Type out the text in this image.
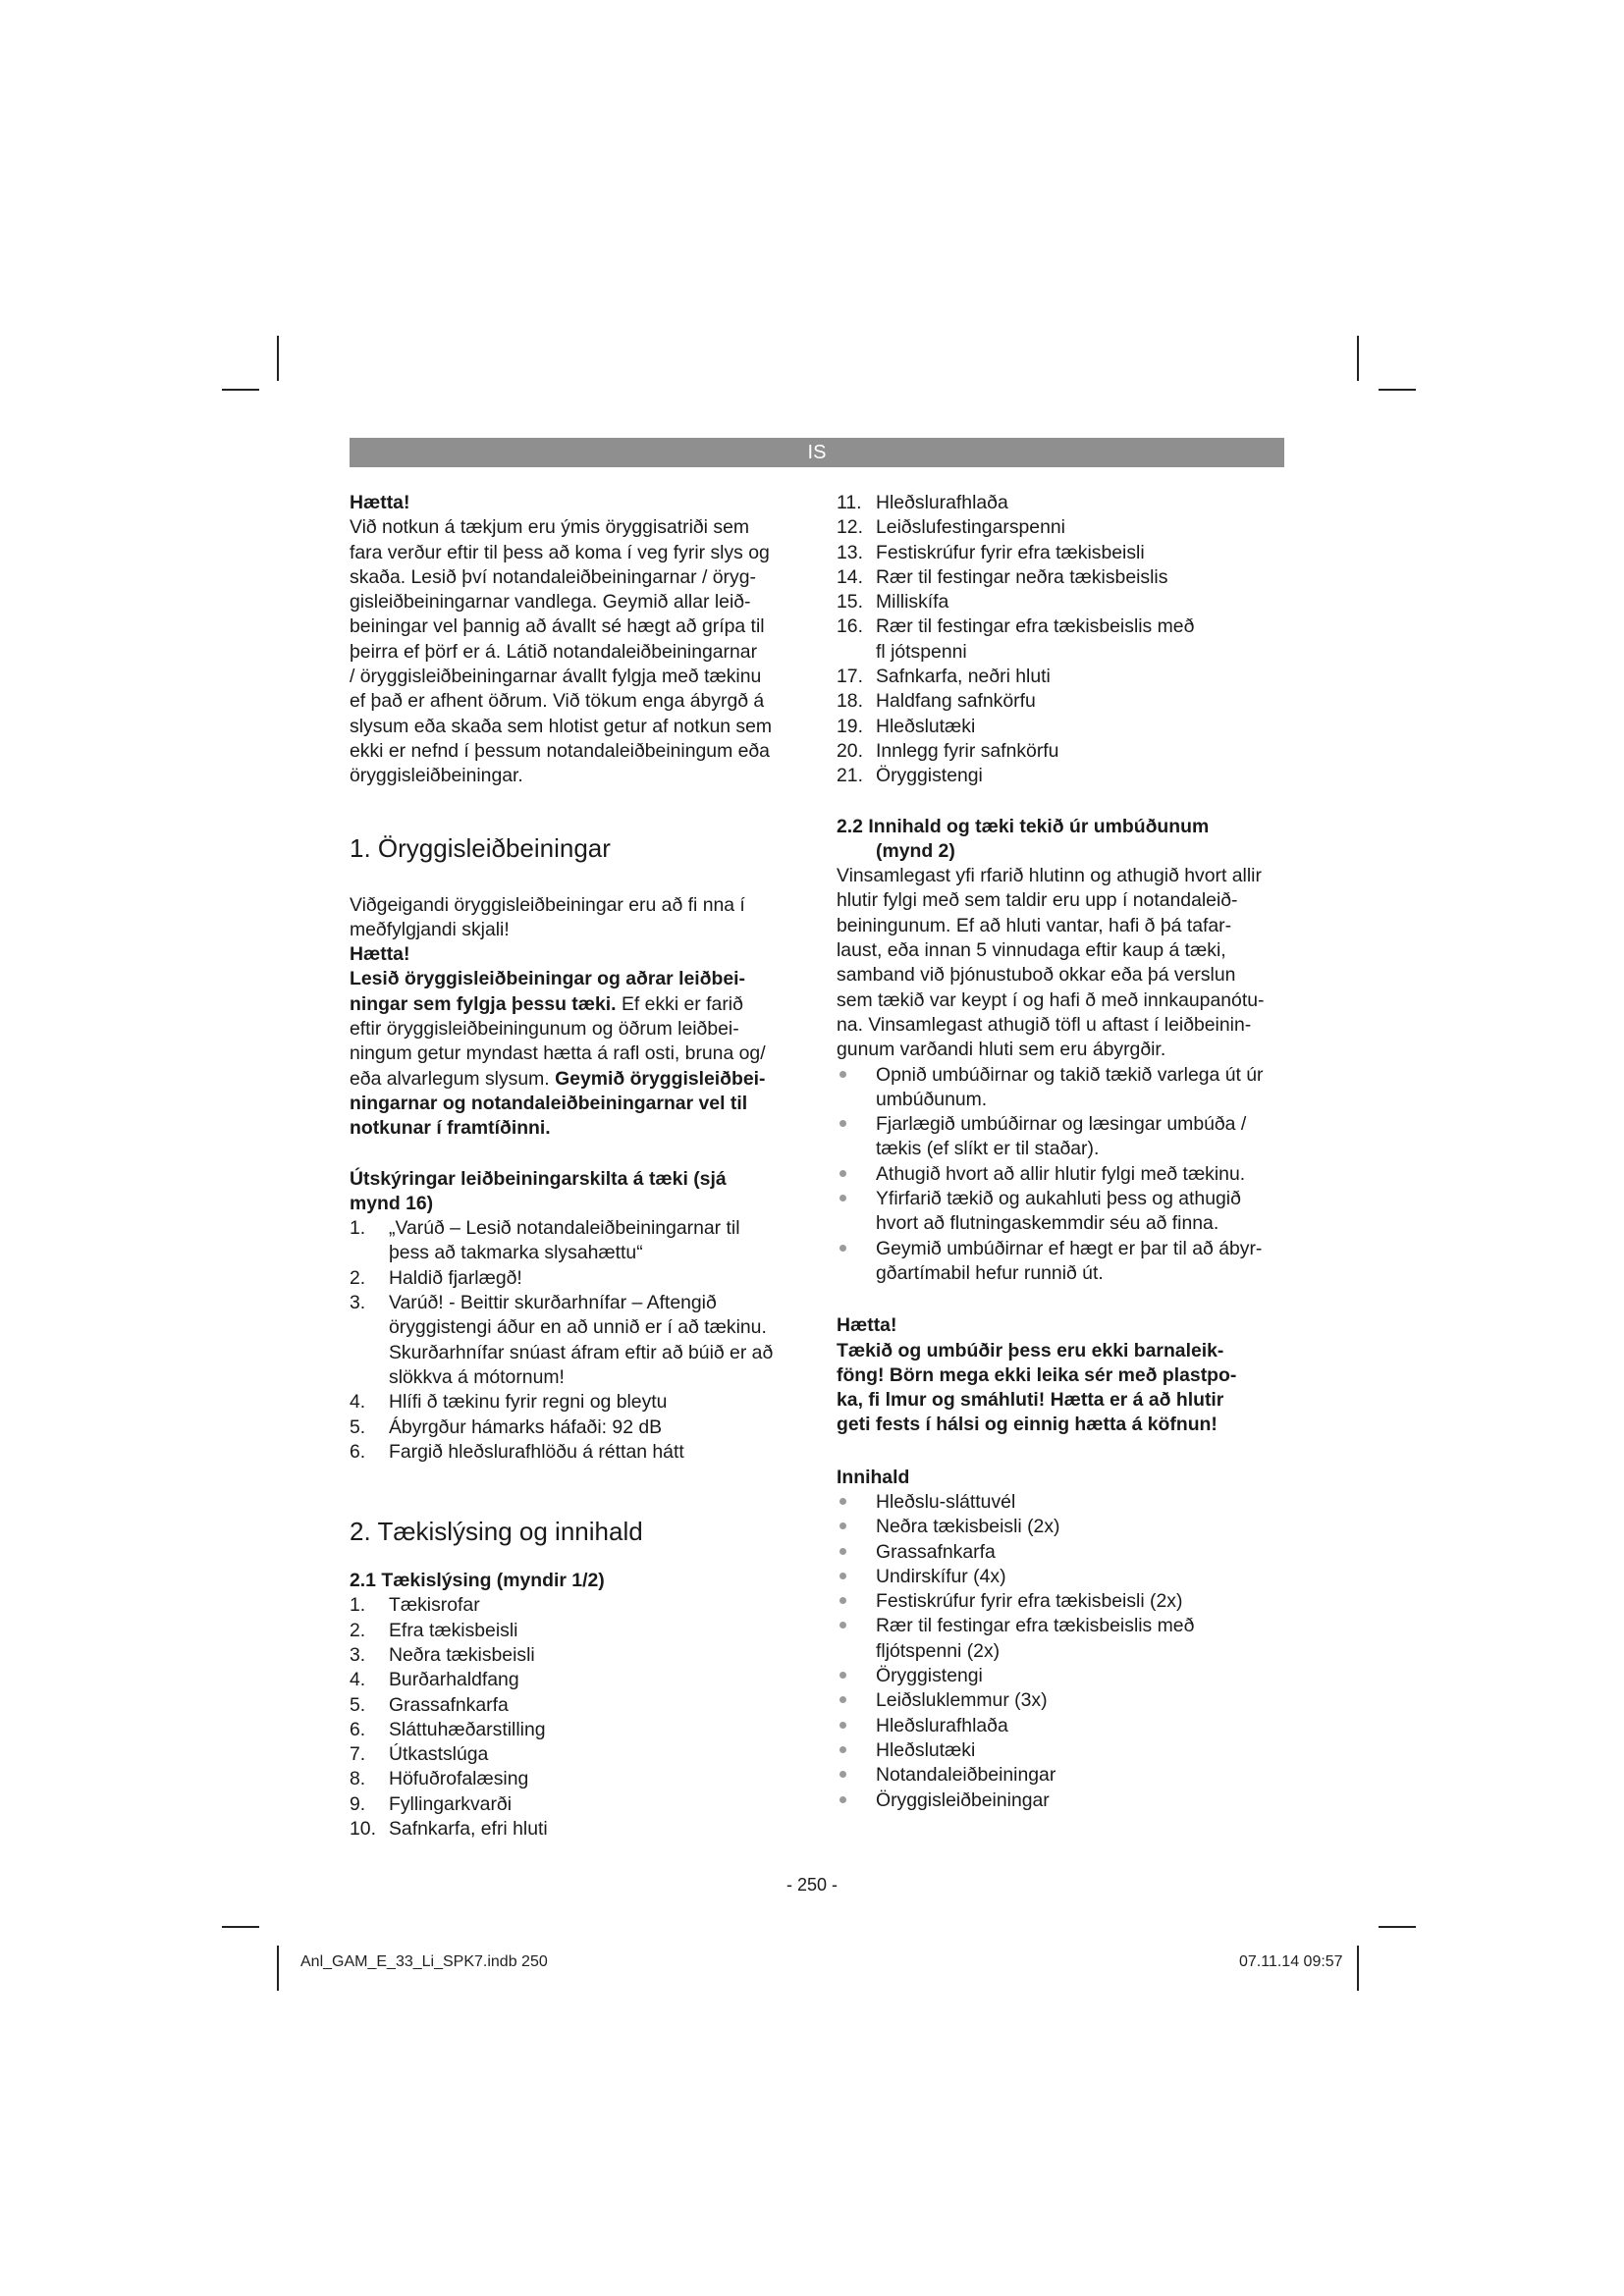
IS

Hætta!

Við notkun á tækjum eru ýmis öryggisatriði sem

fara verður eftir til þess að koma í veg fyrir slys og

skaða. Lesið því notandaleiðbeiningarnar / öryg-

gisleiðbeiningarnar vandlega. Geymið allar leið-

beiningar vel þannig að ávallt sé hægt að grípa til

þeirra ef þörf er á. Látið notandaleiðbeiningarnar

/ öryggisleiðbeiningarnar ávallt fylgja með tækinu

ef það er afhent öðrum. Við tökum enga ábyrgð á

slysum eða skaða sem hlotist getur af notkun sem

ekki er nefnd í þessum notandaleiðbeiningum eða

öryggisleiðbeiningar.

1. Öryggisleiðbeiningar

Viðgeigandi öryggisleiðbeiningar eru að fi nna í

meðfylgjandi skjali!

Hætta!

Lesið öryggisleiðbeiningar og aðrar leiðbei-

ningar sem fylgja þessu tæki. Ef ekki er farið

eftir öryggisleiðbeiningunum og öðrum leiðbei-

ningum getur myndast hætta á rafl osti, bruna og/

eða alvarlegum slysum. Geymið öryggisleiðbei-

ningarnar og notandaleiðbeiningarnar vel til

notkunar í framtíðinni.

Útskýringar leiðbeiningarskilta á tæki (sjá

mynd 16)

1. „Varúð – Lesið notandaleiðbeiningarnar til
þess að takmarka slysahættu“
2. Haldið fjarlægð!
3. Varúð! - Beittir skurðarhnífar – Aftengið
öryggistengi áður en að unnið er í að tækinu.
Skurðarhnífar snúast áfram eftir að búið er að
slökkva á mótornum!
4. Hlífi ð tækinu fyrir regni og bleytu
5. Ábyrgður hámarks háfaði: 92 dB
6. Fargið hleðslurafhlöðu á réttan hátt

2. Tækislýsing og innihald

2.1 Tækislýsing (myndir 1/2)

1. Tækisrofar
2. Efra tækisbeisli
3. Neðra tækisbeisli
4. Burðarhaldfang
5. Grassafnkarfa
6. Sláttuhæðarstilling
7. Útkastslúga
8. Höfuðrofalæsing
9. Fyllingarkvarði
10. Safnkarfa, efri hluti
11. Hleðslurafhlaða
12. Leiðslufestingarspenni
13. Festiskrúfur fyrir efra tækisbeisli
14. Rær til festingar neðra tækisbeislis
15. Milliskífa
16. Rær til festingar efra tækisbeislis með
fl jótspenni
17. Safnkarfa, neðri hluti
18. Haldfang safnkörfu
19. Hleðslutæki
20. Innlegg fyrir safnkörfu
21. Öryggistengi

2.2 Innihald og tæki tekið úr umbúðunum

(mynd 2)

Vinsamlegast yfi rfarið hlutinn og athugið hvort allir

hlutir fylgi með sem taldir eru upp í notandaleið-

beiningunum. Ef að hluti vantar, hafi ð þá tafar-

laust, eða innan 5 vinnudaga eftir kaup á tæki,

samband við þjónustuboð okkar eða þá verslun

sem tækið var keypt í og hafi ð með innkaupanótu-

na. Vinsamlegast athugið töfl u aftast í leiðbeinin-

gunum varðandi hluti sem eru ábyrgðir.

Opnið umbúðirnar og takið tækið varlega út úr
umbúðunum.
Fjarlægið umbúðirnar og læsingar umbúða /
tækis (ef slíkt er til staðar).
Athugið hvort að allir hlutir fylgi með tækinu.
Yfirfarið tækið og aukahluti þess og athugið
hvort að flutningaskemmdir séu að finna.
Geymið umbúðirnar ef hægt er þar til að ábyr-
gðartímabil hefur runnið út.

Hætta!

Tækið og umbúðir þess eru ekki barnaleik-

föng! Börn mega ekki leika sér með plastpo-

ka, fi lmur og smáhluti! Hætta er á að hlutir

geti fests í hálsi og einnig hætta á köfnun!

Innihald

Hleðslu-sláttuvél
Neðra tækisbeisli (2x)
Grassafnkarfa
Undirskífur (4x)
Festiskrúfur fyrir efra tækisbeisli (2x)
Rær til festingar efra tækisbeislis með
fljótspenni (2x)
Öryggistengi
Leiðsluklemmur (3x)
Hleðslurafhlaða
Hleðslutæki
Notandaleiðbeiningar
Öryggisleiðbeiningar
- 250 -
Anl_GAM_E_33_Li_SPK7.indb 250	07.11.14 09:57
